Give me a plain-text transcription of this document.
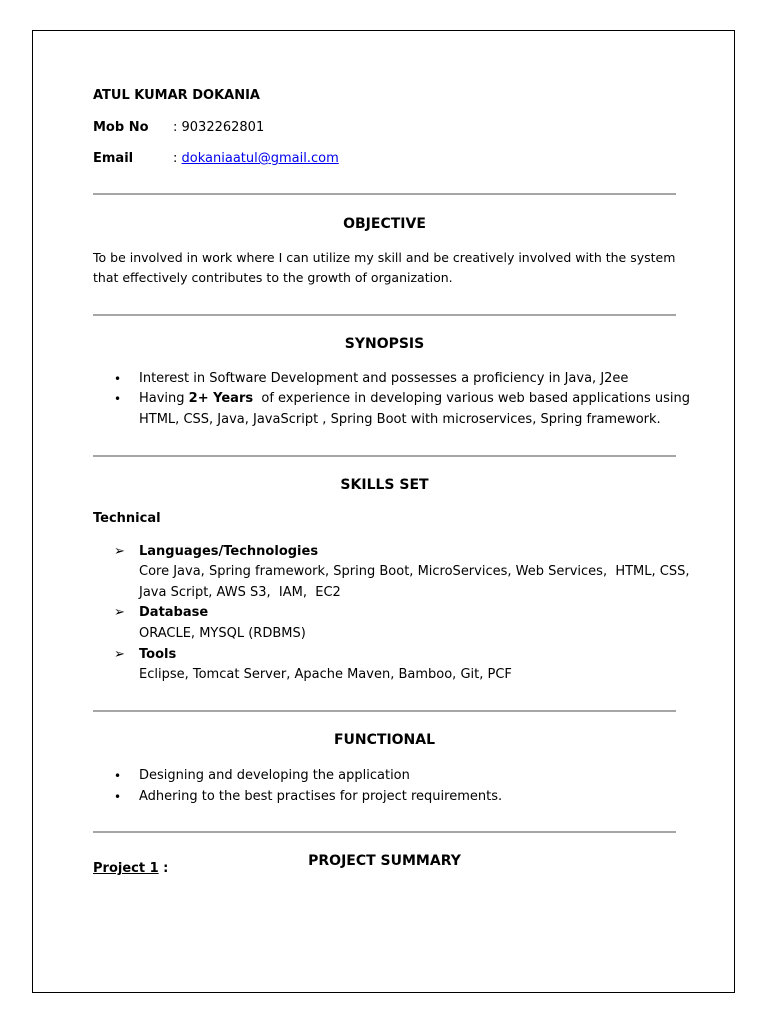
ATUL KUMAR DOKANIA
Mob No : 9032262801
Email	: dokaniaatul@gmail.com
OBJECTIVE
To be involved in work where I can utilize my skill and be creatively involved with the system
that effectively contributes to the growth of organization.
SYNOPSIS
• Interest in Software Development and possesses a proficiency in Java, J2ee
• Having 2+ Years  of experience in developing various web based applications using
HTML, CSS, Java, JavaScript , Spring Boot with microservices, Spring framework.
SKILLS SET
Technical
➢ Languages/Technologies
Core Java, Spring framework, Spring Boot, MicroServices, Web Services,  HTML, CSS,
Java Script, AWS S3,  IAM,  EC2
➢ Database
ORACLE, MYSQL (RDBMS)
➢ Tools
Eclipse, Tomcat Server, Apache Maven, Bamboo, Git, PCF
FUNCTIONAL
• Designing and developing the application
• Adhering to the best practises for project requirements.
PROJECT SUMMARY
Project 1 :
